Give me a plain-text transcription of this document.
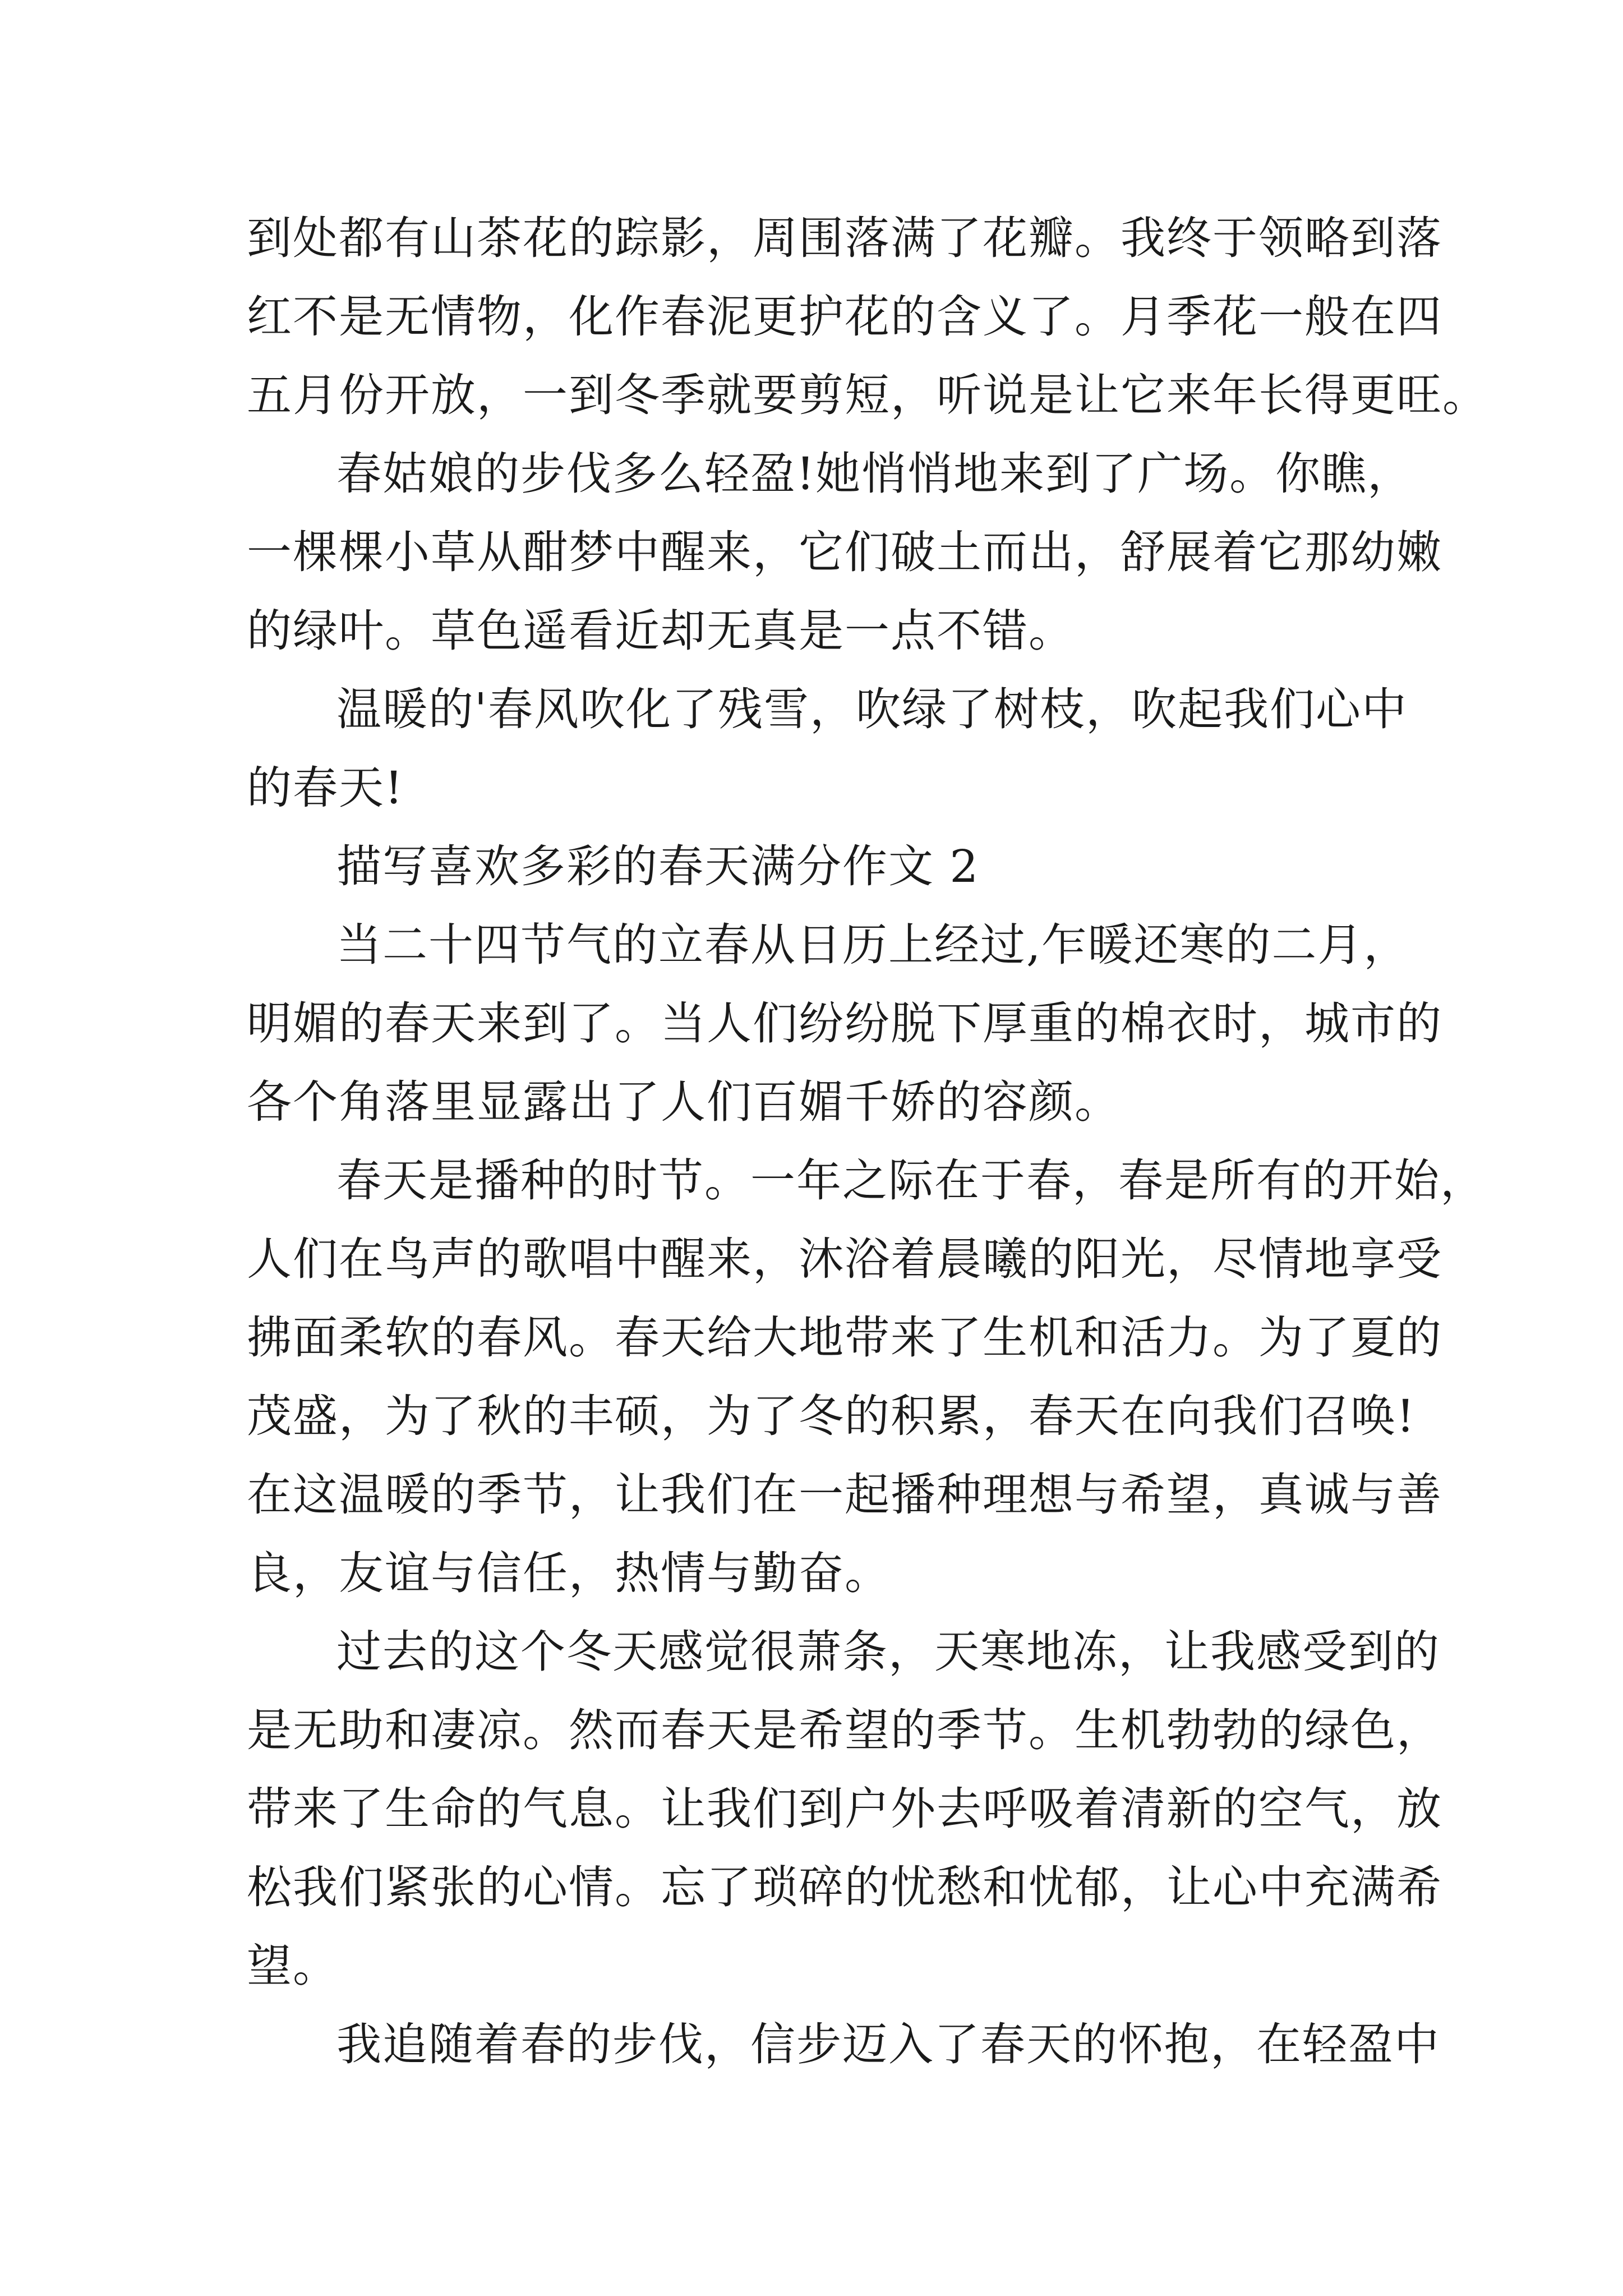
到处都有山茶花的踪影，周围落满了花瓣。我终于领略到落
红不是无情物，化作春泥更护花的含义了。月季花一般在四
五月份开放，一到冬季就要剪短，听说是让它来年长得更旺。
春姑娘的步伐多么轻盈!她悄悄地来到了广场。你瞧，
一棵棵小草从酣梦中醒来，它们破土而出，舒展着它那幼嫩
的绿叶。草色遥看近却无真是一点不错。
温暖的'春风吹化了残雪，吹绿了树枝，吹起我们心中
的春天!
描写喜欢多彩的春天满分作文 2
当二十四节气的立春从日历上经过,乍暖还寒的二月，
明媚的春天来到了。当人们纷纷脱下厚重的棉衣时，城市的
各个角落里显露出了人们百媚千娇的容颜。
春天是播种的时节。一年之际在于春，春是所有的开始，
人们在鸟声的歌唱中醒来，沐浴着晨曦的阳光，尽情地享受
拂面柔软的春风。春天给大地带来了生机和活力。为了夏的
茂盛，为了秋的丰硕，为了冬的积累，春天在向我们召唤!
在这温暖的季节，让我们在一起播种理想与希望，真诚与善
良，友谊与信任，热情与勤奋。
过去的这个冬天感觉很萧条，天寒地冻，让我感受到的
是无助和凄凉。然而春天是希望的季节。生机勃勃的绿色，
带来了生命的气息。让我们到户外去呼吸着清新的空气，放
松我们紧张的心情。忘了琐碎的忧愁和忧郁，让心中充满希
望。
我追随着春的步伐，信步迈入了春天的怀抱，在轻盈中
